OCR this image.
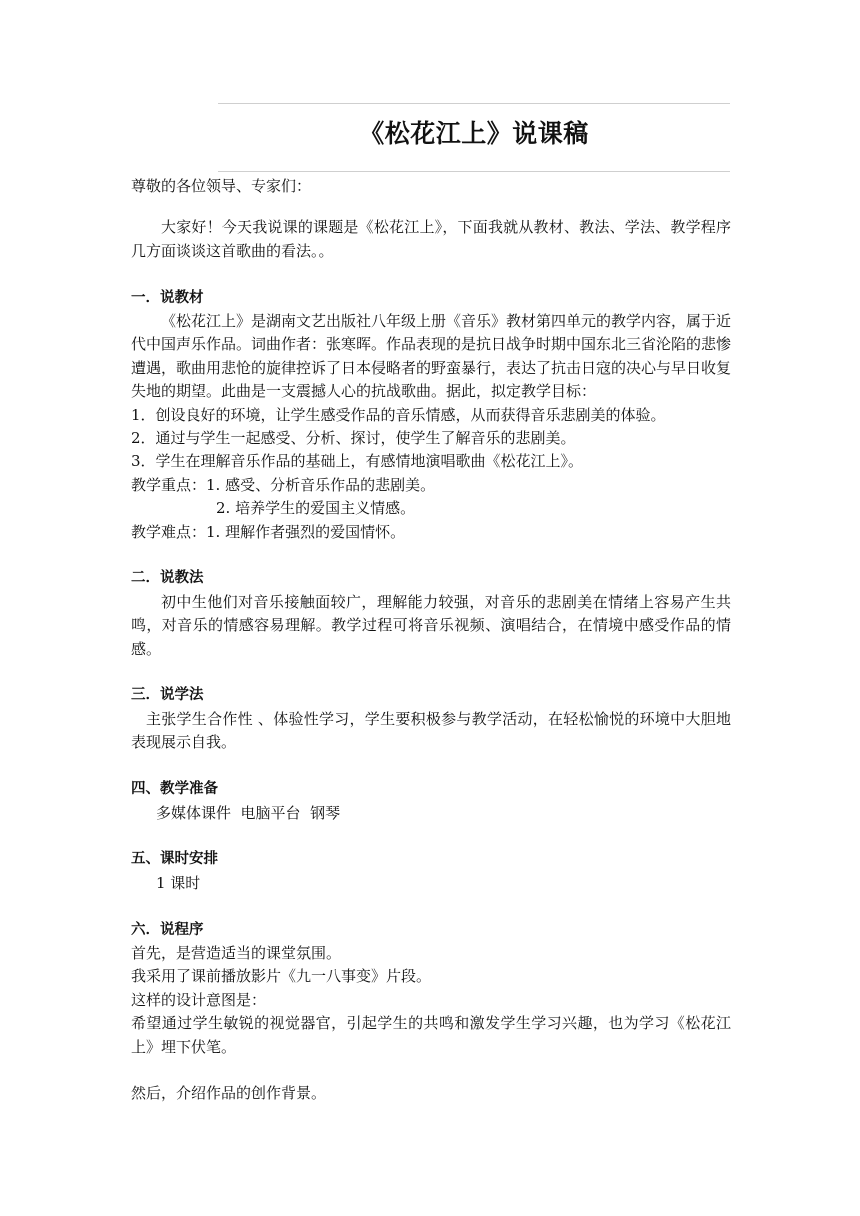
《松花江上》说课稿

尊敬的各位领导、专家们：

大家好！今天我说课的课题是《松花江上》，下面我就从教材、教法、学法、教学程序几方面谈谈这首歌曲的看法。。

一．说教材

《松花江上》是湖南文艺出版社八年级上册《音乐》教材第四单元的教学内容，属于近代中国声乐作品。词曲作者：张寒晖。作品表现的是抗日战争时期中国东北三省沦陷的悲惨遭遇，歌曲用悲怆的旋律控诉了日本侵略者的野蛮暴行，表达了抗击日寇的决心与早日收复失地的期望。此曲是一支震撼人心的抗战歌曲。据此，拟定教学目标：

1．创设良好的环境，让学生感受作品的音乐情感，从而获得音乐悲剧美的体验。

2．通过与学生一起感受、分析、探讨，使学生了解音乐的悲剧美。

3．学生在理解音乐作品的基础上，有感情地演唱歌曲《松花江上》。

教学重点：1. 感受、分析音乐作品的悲剧美。

2. 培养学生的爱国主义情感。

教学难点：1. 理解作者强烈的爱国情怀。

二．说教法

初中生他们对音乐接触面较广，理解能力较强，对音乐的悲剧美在情绪上容易产生共鸣，对音乐的情感容易理解。教学过程可将音乐视频、演唱结合，在情境中感受作品的情感。

三．说学法

主张学生合作性 、体验性学习，学生要积极参与教学活动，在轻松愉悦的环境中大胆地表现展示自我。

四、教学准备

多媒体课件  电脑平台  钢琴

五、课时安排

1 课时

六．说程序

首先，是营造适当的课堂氛围。

我采用了课前播放影片《九一八事变》片段。

这样的设计意图是：

希望通过学生敏锐的视觉器官，引起学生的共鸣和激发学生学习兴趣，也为学习《松花江上》埋下伏笔。

然后，介绍作品的创作背景。
